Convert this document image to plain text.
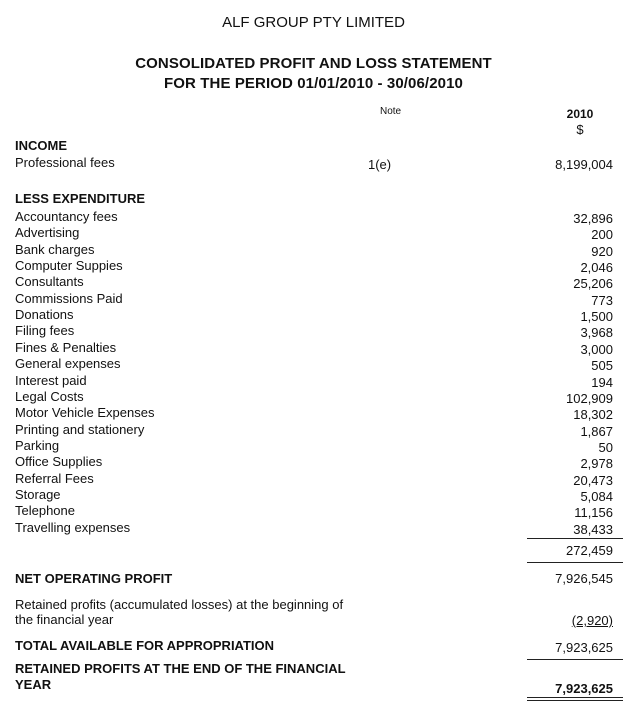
ALF GROUP PTY LIMITED
CONSOLIDATED PROFIT AND LOSS STATEMENT
FOR THE PERIOD 01/01/2010 - 30/06/2010
Note	2010
$
INCOME
Professional fees	1(e)	8,199,004
LESS EXPENDITURE
Accountancy fees	32,896
Advertising	200
Bank charges	920
Computer Suppies	2,046
Consultants	25,206
Commissions Paid	773
Donations	1,500
Filing fees	3,968
Fines & Penalties	3,000
General expenses	505
Interest paid	194
Legal Costs	102,909
Motor Vehicle Expenses	18,302
Printing and stationery	1,867
Parking	50
Office Supplies	2,978
Referral Fees	20,473
Storage	5,084
Telephone	11,156
Travelling expenses	38,433
272,459
NET OPERATING PROFIT	7,926,545
Retained profits (accumulated losses) at the beginning of
the financial year	(2,920)
TOTAL AVAILABLE FOR APPROPRIATION	7,923,625
RETAINED PROFITS AT THE END OF THE FINANCIAL
YEAR	7,923,625
